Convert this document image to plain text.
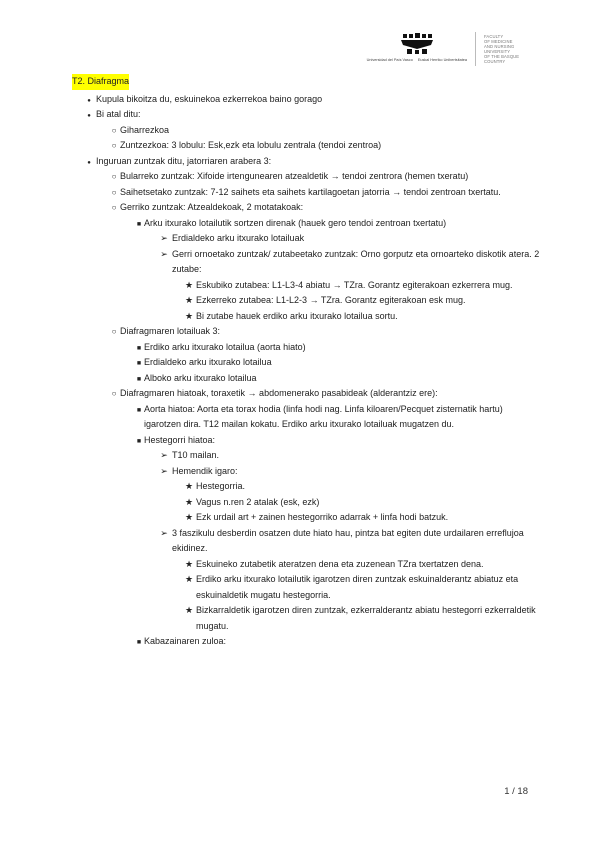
Universidad del País Vasco Euskal Herriko Unibertsitatea
FACULTY
OF MEDICINE
AND NURSING
UNIVERSITY
OF THE BASQUE
COUNTRY
T2. Diafragma
●
Kupula bikoitza du, eskuinekoa ezkerrekoa baino gorago
●
Bi atal ditu:
○
Giharrezkoa
○
Zuntzezkoa: 3 lobulu: Esk,ezk eta lobulu zentrala (tendoi zentroa)
●
Inguruan zuntzak ditu, jatorriaren arabera 3:
○
Bularreko zuntzak: Xifoide irtengunearen atzealdetik → tendoi zentrora (hemen txeratu)
○
Saihetsetako zuntzak: 7-12 saihets eta saihets kartilagoetan jatorria → tendoi zentroan txertatu.
○
Gerriko zuntzak: Atzealdekoak, 2 motatakoak:
■
Arku itxurako lotailutik sortzen direnak (hauek gero tendoi zentroan txertatu)
➢
Erdialdeko arku itxurako lotailuak
➢
Gerri ornoetako zuntzak/ zutabeetako zuntzak: Orno gorputz eta ornoarteko diskotik atera. 2 zutabe:
★
Eskubiko zutabea: L1-L3-4 abiatu → TZra. Gorantz egiterakoan ezkerrera mug.
★
Ezkerreko zutabea: L1-L2-3 → TZra. Gorantz egiterakoan esk mug.
★
Bi zutabe hauek erdiko arku itxurako lotailua sortu.
○
Diafragmaren lotailuak 3:
■
Erdiko arku itxurako lotailua (aorta hiato)
■
Erdialdeko arku itxurako lotailua
■
Alboko arku itxurako lotailua
○
Diafragmaren hiatoak, toraxetik → abdomenerako pasabideak (alderantziz ere):
■
Aorta hiatoa: Aorta eta torax hodia (linfa hodi nag. Linfa kiloaren/Pecquet zisternatik hartu) igarotzen dira. T12 mailan kokatu. Erdiko arku itxurako lotailuak mugatzen du.
■
Hestegorri hiatoa:
➢
T10 mailan.
➢
Hemendik igaro:
★
Hestegorria.
★
Vagus n.ren 2 atalak (esk, ezk)
★
Ezk urdail art + zainen hestegorriko adarrak + linfa hodi batzuk.
➢
3 faszikulu desberdin osatzen dute hiato hau, pintza bat egiten dute urdailaren erreflujoa ekidinez.
★
Eskuineko zutabetik ateratzen dena eta zuzenean TZra txertatzen dena.
★
Erdiko arku itxurako lotailutik igarotzen diren zuntzak eskuinalderantz abiatuz eta eskuinaldetik mugatu hestegorria.
★
Bizkarraldetik igarotzen diren zuntzak, ezkerralderantz abiatu hestegorri ezkerraldetik mugatu.
■
Kabazainaren zuloa:
1 / 18
